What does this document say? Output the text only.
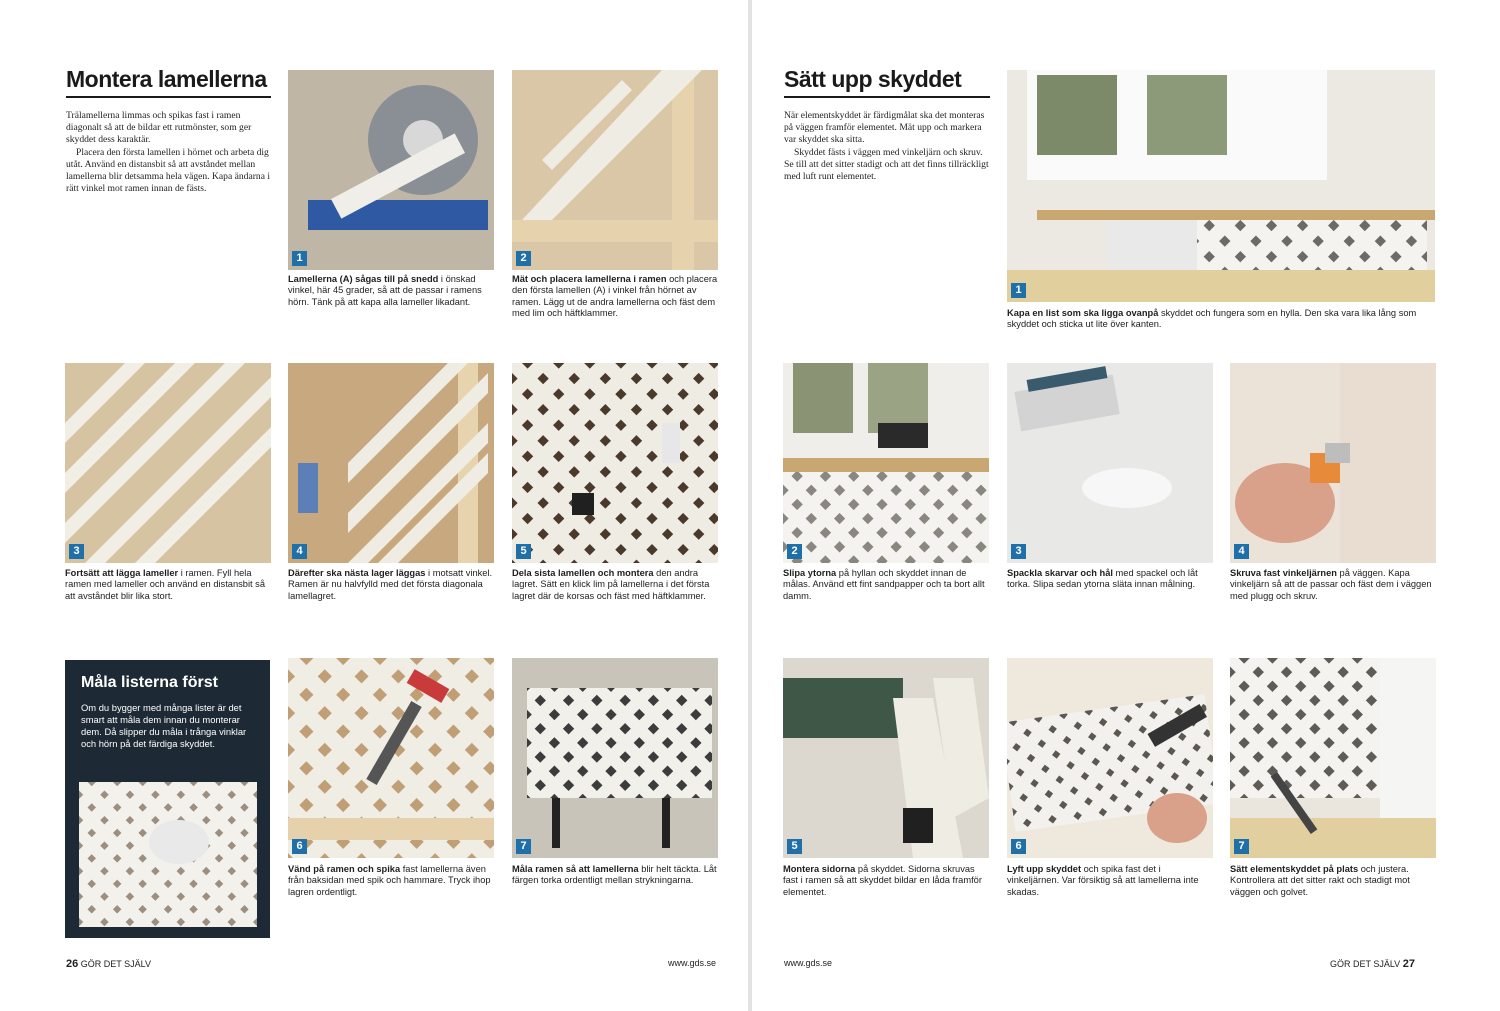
Montera lamellerna

Trälamellerna limmas och spikas fast i ramen diagonalt så att de bildar ett rutmönster, som ger skyddet dess karaktär.

Placera den första lamellen i hörnet och arbeta dig utåt. Använd en distansbit så att avståndet mellan lamellerna blir detsamma hela vägen. Kapa ändarna i rätt vinkel mot ramen innan de fästs.

1	2
Lamellerna (A) sågas till på snedd i önskad vinkel, här 45 grader, så att de passar i ramens hörn. Tänk på att kapa alla lameller likadant.
Mät och placera lamellerna i ramen och placera den första lamellen (A) i vinkel från hörnet av ramen. Lägg ut de andra lamellerna och fäst dem med lim och häftklammer.
3	4	5
Fortsätt att lägga lameller i ramen. Fyll hela ramen med lameller och använd en distansbit så att avståndet blir lika stort.
Därefter ska nästa lager läggas i motsatt vinkel. Ramen är nu halvfylld med det första diagonala lamellagret.
Dela sista lamellen och montera den andra lagret. Sätt en klick lim på lamellerna i det första lagret där de korsas och fäst med häftklammer.
Måla listerna först
Om du bygger med många lister är det smart att måla dem innan du monterar dem. Då slipper du måla i trånga vinklar och hörn på det färdiga skyddet.
6	7
Vänd på ramen och spika fast lamellerna även från baksidan med spik och hammare. Tryck ihop lagren ordentligt.
Måla ramen så att lamellerna blir helt täckta. Låt färgen torka ordentligt mellan strykningarna.
26 GÖR DET SJÄLV	www.gds.se
Sätt upp skyddet

När elementskyddet är färdigmålat ska det monteras på väggen framför elementet. Mät upp och markera var skyddet ska sitta.

Skyddet fästs i väggen med vinkeljärn och skruv. Se till att det sitter stadigt och att det finns tillräckligt med luft runt elementet.

1
Kapa en list som ska ligga ovanpå skyddet och fungera som en hylla. Den ska vara lika lång som skyddet och sticka ut lite över kanten.
2	3	4
Slipa ytorna på hyllan och skyddet innan de målas. Använd ett fint sandpapper och ta bort allt damm.
Spackla skarvar och hål med spackel och låt torka. Slipa sedan ytorna släta innan målning.
Skruva fast vinkeljärnen på väggen. Kapa vinkeljärn så att de passar och fäst dem i väggen med plugg och skruv.
5	6	7
Montera sidorna på skyddet. Sidorna skruvas fast i ramen så att skyddet bildar en låda framför elementet.
Lyft upp skyddet och spika fast det i vinkeljärnen. Var försiktig så att lamellerna inte skadas.
Sätt elementskyddet på plats och justera. Kontrollera att det sitter rakt och stadigt mot väggen och golvet.
www.gds.se	GÖR DET SJÄLV 27
